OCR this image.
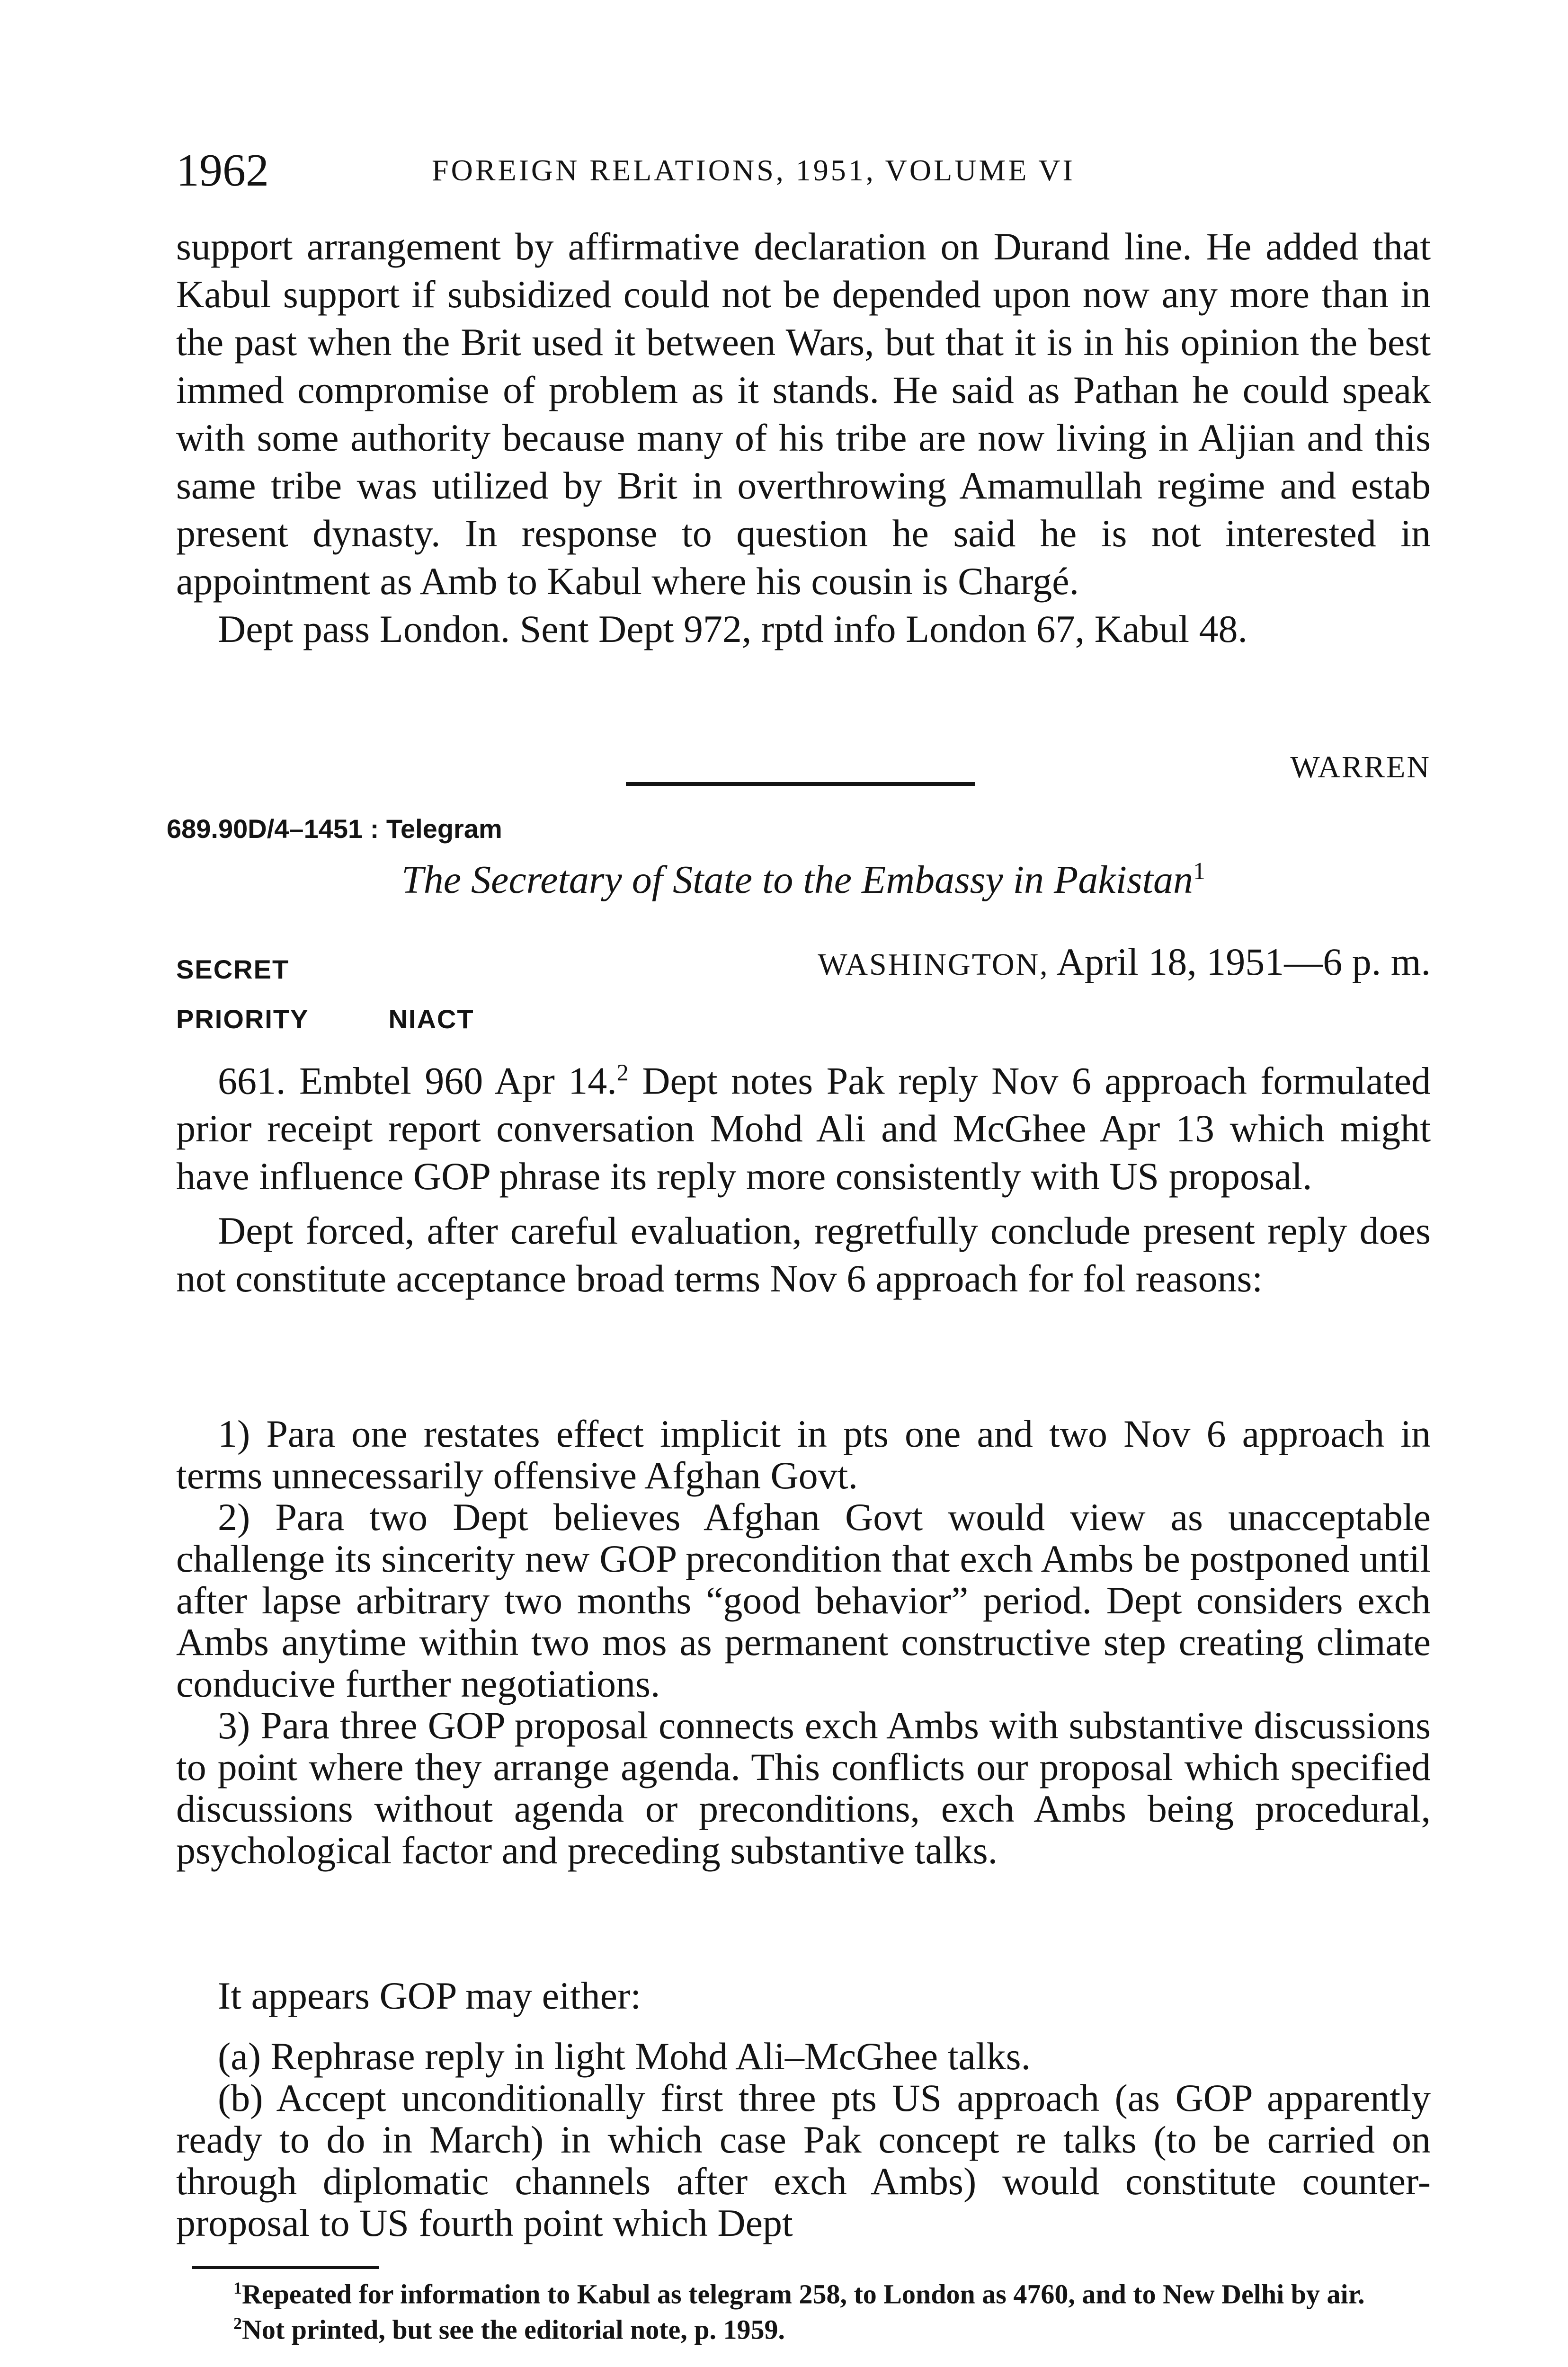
1962	FOREIGN RELATIONS, 1951, VOLUME VI

support arrangement by affirmative declaration on Durand line. He added that Kabul support if subsidized could not be depended upon now any more than in the past when the Brit used it between Wars, but that it is in his opinion the best immed compromise of problem as it stands. He said as Pathan he could speak with some authority because many of his tribe are now living in Aljian and this same tribe was utilized by Brit in overthrowing Amamullah regime and estab present dynasty. In response to question he said he is not interested in appointment as Amb to Kabul where his cousin is Chargé.

Dept pass London. Sent Dept 972, rptd info London 67, Kabul 48.

WARREN
689.90D/4–1451 : Telegram
The Secretary of State to the Embassy in Pakistan$^1$
SECRET	WASHINGTON, April 18, 1951—6 p. m.
PRIORITY	NIACT

661. Embtel 960 Apr 14.$^2$ Dept notes Pak reply Nov 6 approach formulated prior receipt report conversation Mohd Ali and McGhee Apr 13 which might have influence GOP phrase its reply more consistently with US proposal.

Dept forced, after careful evaluation, regretfully conclude present reply does not constitute acceptance broad terms Nov 6 approach for fol reasons:

1) Para one restates effect implicit in pts one and two Nov 6 approach in terms unnecessarily offensive Afghan Govt.

2) Para two Dept believes Afghan Govt would view as unacceptable challenge its sincerity new GOP precondition that exch Ambs be postponed until after lapse arbitrary two months “good behavior” period. Dept considers exch Ambs anytime within two mos as permanent constructive step creating climate conducive further negotiations.

3) Para three GOP proposal connects exch Ambs with substantive discussions to point where they arrange agenda. This conflicts our proposal which specified discussions without agenda or preconditions, exch Ambs being procedural, psychological factor and preceding substantive talks.

It appears GOP may either:

(a) Rephrase reply in light Mohd Ali–McGhee talks.

(b) Accept unconditionally first three pts US approach (as GOP apparently ready to do in March) in which case Pak concept re talks (to be carried on through diplomatic channels after exch Ambs) would constitute counter-proposal to US fourth point which Dept

$^1$Repeated for information to Kabul as telegram 258, to London as 4760, and to New Delhi by air.

$^2$Not printed, but see the editorial note, p. 1959.
